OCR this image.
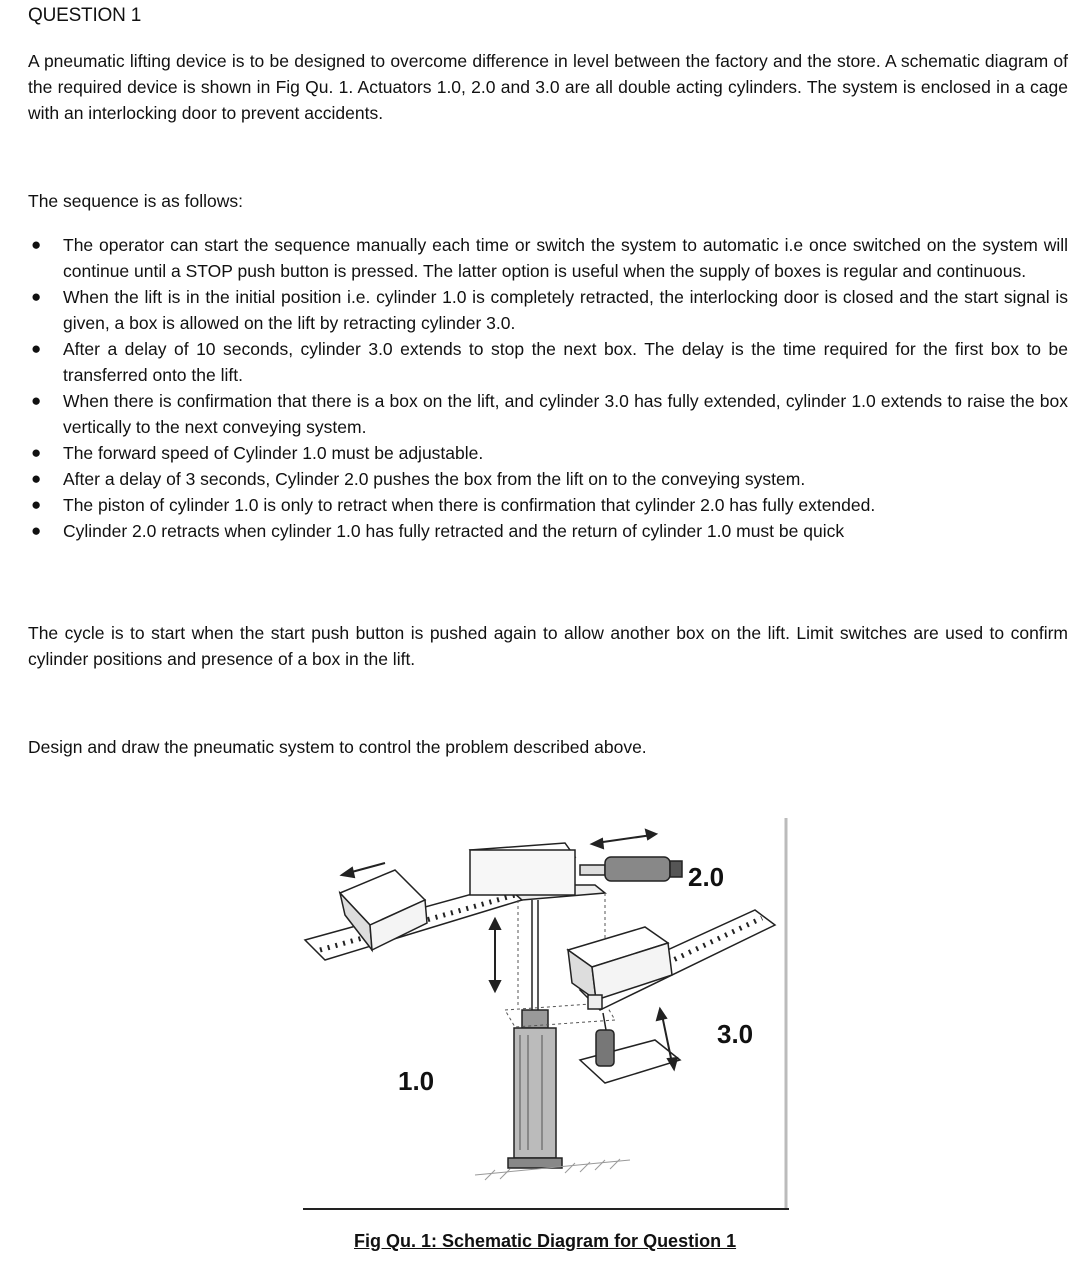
QUESTION 1
A pneumatic lifting device is to be designed to overcome difference in level between the factory and the store. A schematic diagram of the required device is shown in Fig Qu. 1. Actuators 1.0, 2.0 and 3.0 are all double acting cylinders. The system is enclosed in a cage with an interlocking door to prevent accidents.
The sequence is as follows:
● The operator can start the sequence manually each time or switch the system to automatic i.e once switched on the system will continue until a STOP push button is pressed. The latter option is useful when the supply of boxes is regular and continuous.
● When the lift is in the initial position i.e. cylinder 1.0 is completely retracted, the interlocking door is closed and the start signal is given, a box is allowed on the lift by retracting cylinder 3.0.
● After a delay of 10 seconds, cylinder 3.0 extends to stop the next box. The delay is the time required for the first box to be transferred onto the lift.
● When there is confirmation that there is a box on the lift, and cylinder 3.0 has fully extended, cylinder 1.0 extends to raise the box vertically to the next conveying system.
● The forward speed of Cylinder 1.0 must be adjustable.
● After a delay of 3 seconds, Cylinder 2.0 pushes the box from the lift on to the conveying system.
● The piston of cylinder 1.0 is only to retract when there is confirmation that cylinder 2.0 has fully extended.
● Cylinder 2.0 retracts when cylinder 1.0 has fully retracted and the return of cylinder 1.0 must be quick
The cycle is to start when the start push button is pushed again to allow another box on the lift. Limit switches are used to confirm cylinder positions and presence of a box in the lift.
Design and draw the pneumatic system to control the problem described above.
2.0
3.0
1.0
Fig Qu. 1: Schematic Diagram for Question 1
